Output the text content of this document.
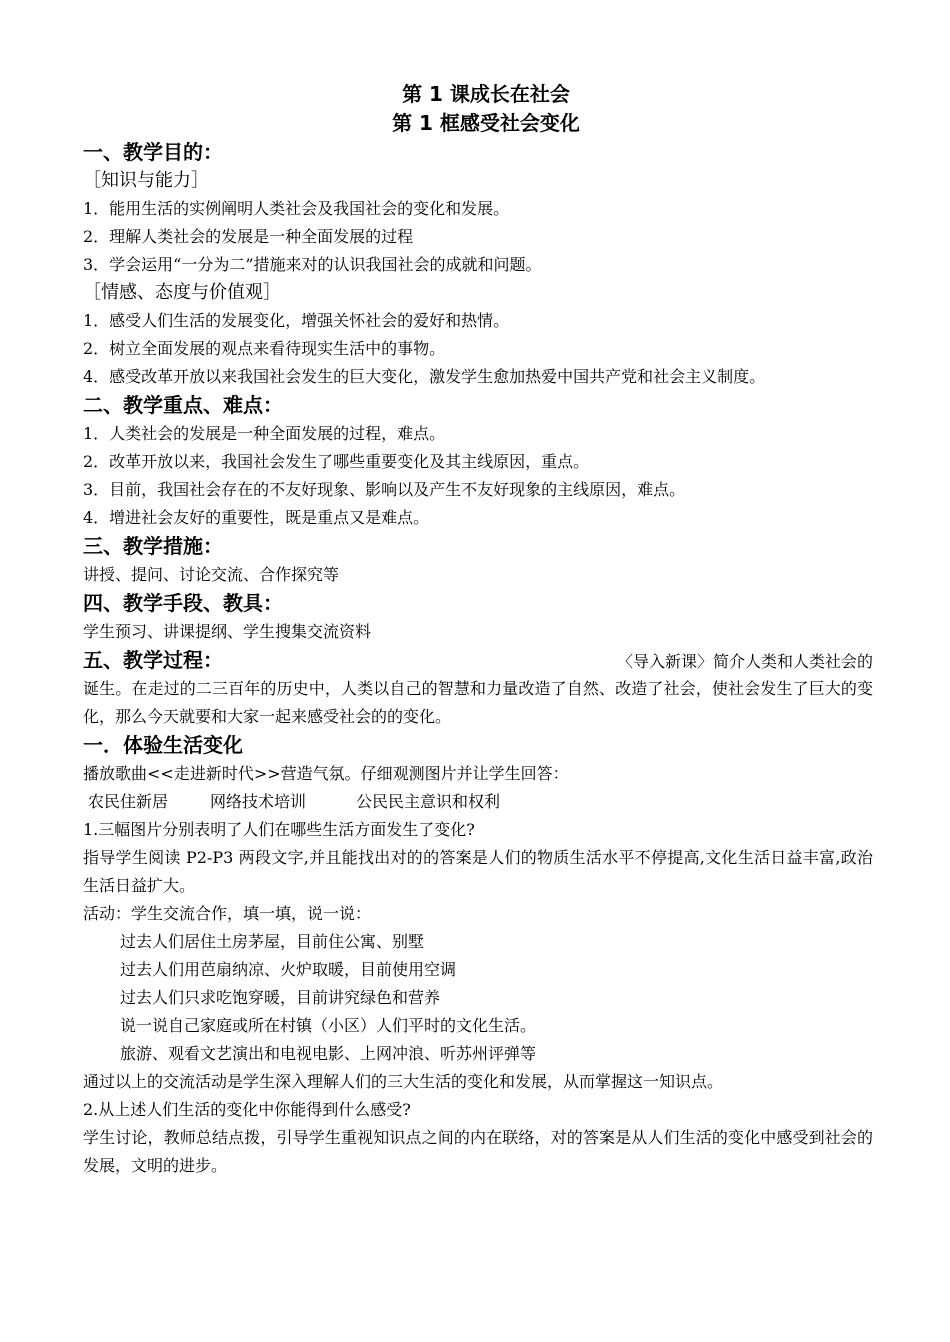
第 1 课成长在社会
第 1 框感受社会变化
一、教学目的：
［知识与能力］
1．能用生活的实例阐明人类社会及我国社会的变化和发展。
2．理解人类社会的发展是一种全面发展的过程
3．学会运用“一分为二”措施来对的认识我国社会的成就和问题。
［情感、态度与价值观］
1．感受人们生活的发展变化，增强关怀社会的爱好和热情。
2．树立全面发展的观点来看待现实生活中的事物。
4．感受改革开放以来我国社会发生的巨大变化，激发学生愈加热爱中国共产党和社会主义制度。
二、教学重点、难点：
1．人类社会的发展是一种全面发展的过程，难点。
2．改革开放以来，我国社会发生了哪些重要变化及其主线原因，重点。
3．目前，我国社会存在的不友好现象、影响以及产生不友好现象的主线原因，难点。
4．增进社会友好的重要性，既是重点又是难点。
三、教学措施：
讲授、提问、讨论交流、合作探究等
四、教学手段、教具：
学生预习、讲课提纲、学生搜集交流资料
五、教学过程：	〈导入新课〉简介人类和人类社会的
诞生。在走过的二三百年的历史中，人类以自己的智慧和力量改造了自然、改造了社会，使社会发生了巨大的变化，那么今天就要和大家一起来感受社会的的变化。
一．体验生活变化
播放歌曲<<走进新时代>>营造气氛。仔细观测图片并让学生回答：
农民住新居	网络技术培训	公民民主意识和权利
1.三幅图片分别表明了人们在哪些生活方面发生了变化?
指导学生阅读 P2-P3 两段文字,并且能找出对的的答案是人们的物质生活水平不停提高,文化生活日益丰富,政治生活日益扩大。
活动：学生交流合作，填一填，说一说：
过去人们居住土房茅屋，目前住公寓、别墅
过去人们用芭扇纳凉、火炉取暖，目前使用空调
过去人们只求吃饱穿暖，目前讲究绿色和营养
说一说自己家庭或所在村镇（小区）人们平时的文化生活。
旅游、观看文艺演出和电视电影、上网冲浪、听苏州评弹等
通过以上的交流活动是学生深入理解人们的三大生活的变化和发展，从而掌握这一知识点。
2.从上述人们生活的变化中你能得到什么感受?
学生讨论，教师总结点拨，引导学生重视知识点之间的内在联络，对的答案是从人们生活的变化中感受到社会的发展，文明的进步。
